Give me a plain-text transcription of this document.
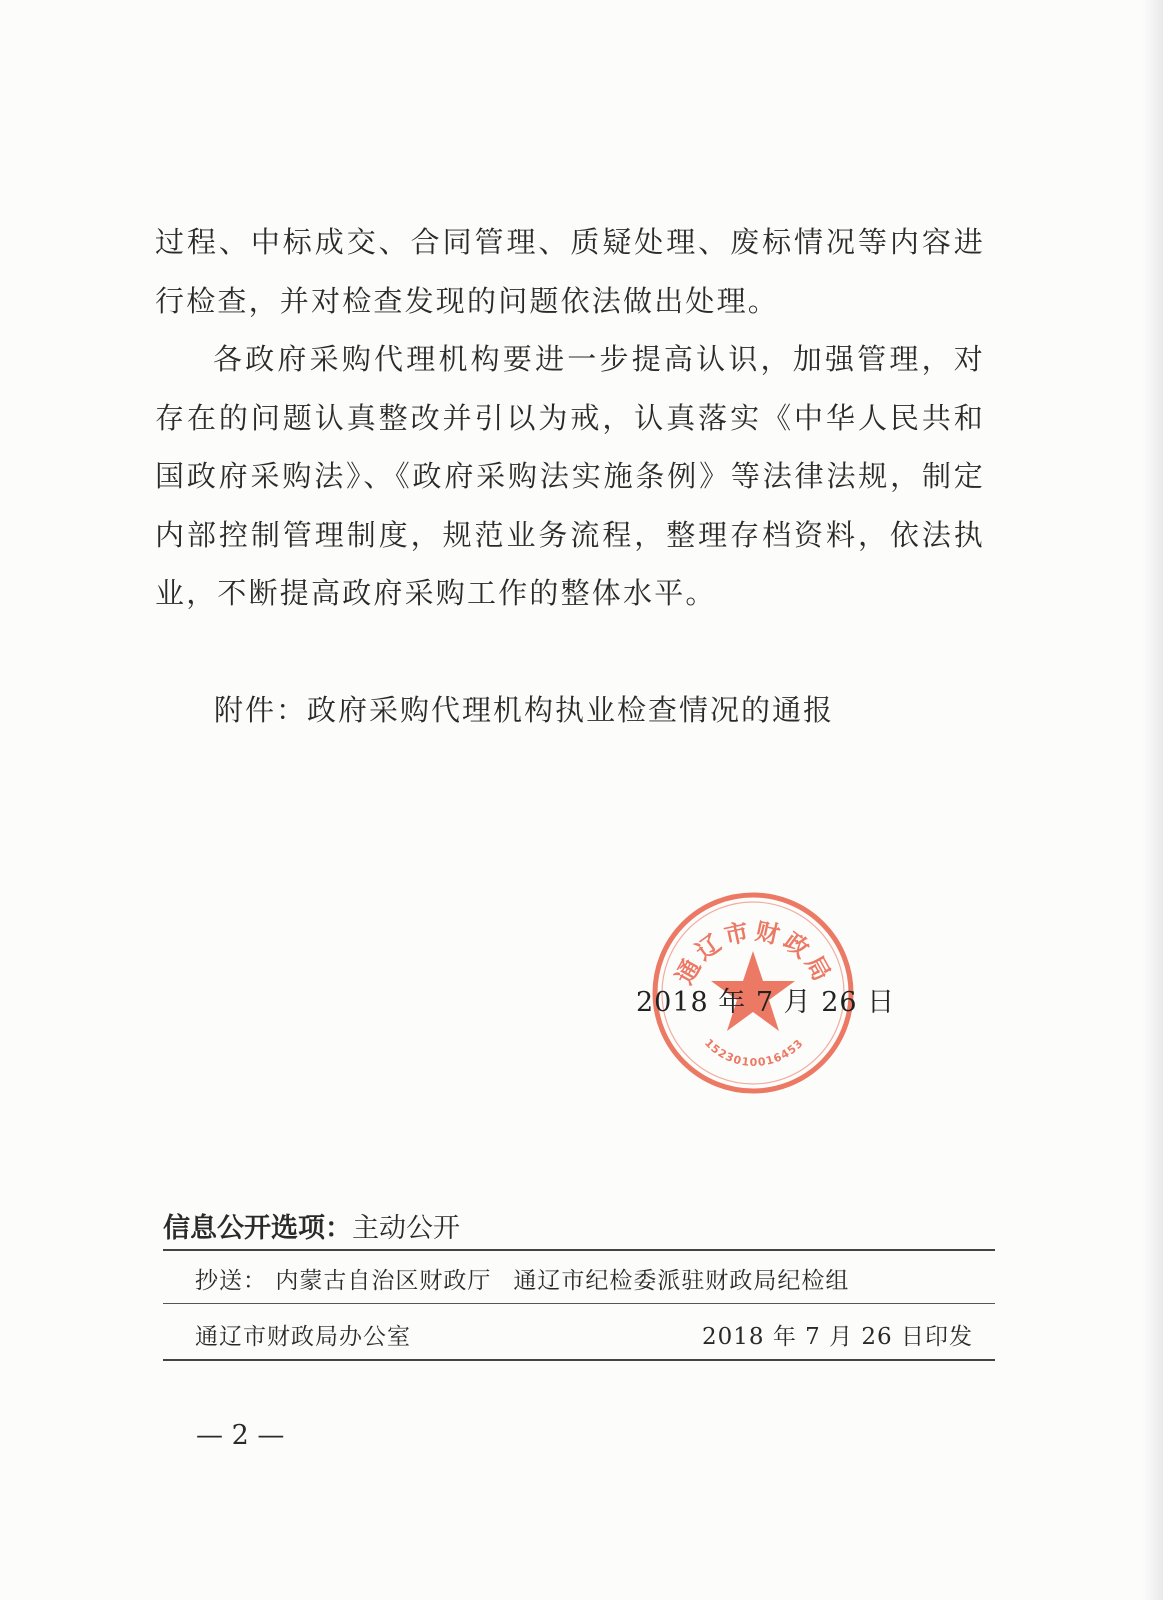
过程、中标成交、合同管理、质疑处理、废标情况等内容进行检查，并对检查发现的问题依法做出处理。

各政府采购代理机构要进一步提高认识，加强管理，对存在的问题认真整改并引以为戒，认真落实《中华人民共和国政府采购法》、《政府采购法实施条例》等法律法规，制定内部控制管理制度，规范业务流程，整理存档资料，依法执业，不断提高政府采购工作的整体水平。

附件：政府采购代理机构执业检查情况的通报
通辽市财政局
1523010016453
2018 年 7 月 26 日
信息公开选项：主动公开
抄送： 内蒙古自治区财政厅 通辽市纪检委派驻财政局纪检组
通辽市财政局办公室	2018 年 7 月 26 日印发
— 2 —
